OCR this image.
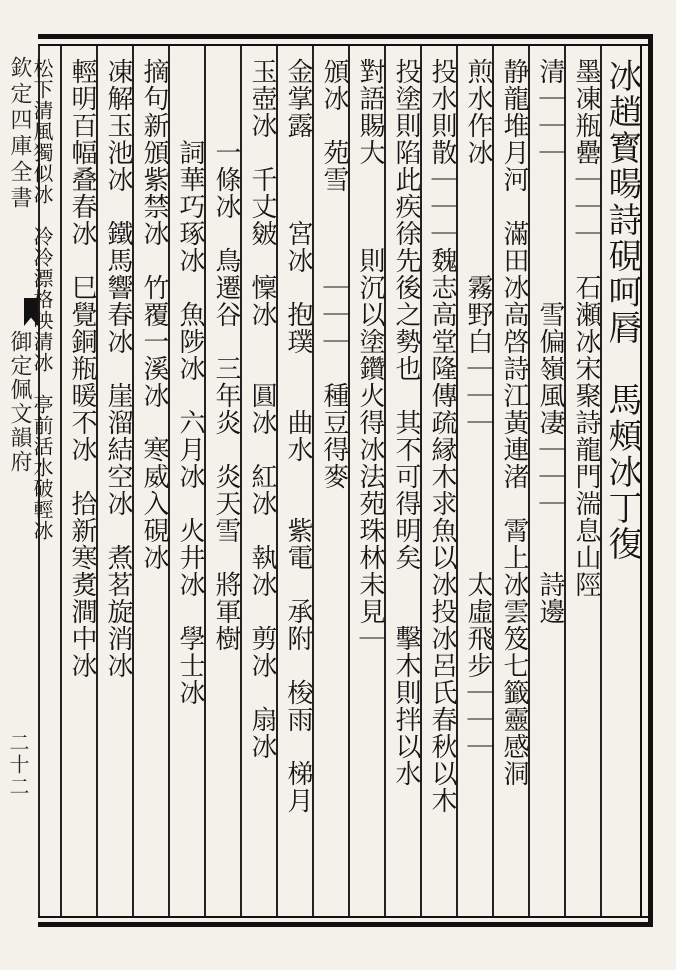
欽定四庫全書
御定佩文韻府
二十二
冰趙寳暘詩硯呵脣　馬頰冰丁復
墨凍瓶罍｜｜｜　石瀬冰宋聚詩龍門湍息山陘
清｜｜｜　　　　　雪偏嶺風凄｜｜｜　　詩邊
静龍堆月河　滿田冰高啓詩江黃連渚　霄上冰雲笈七籤靈感洞
煎水作冰　　　　霧野白｜｜｜　　　　　太虛飛步｜｜｜
投水則散｜｜｜魏志高堂隆傳疏縁木求魚以冰投冰呂氏春秋以木
投塗則陷此疾徐先後之勢也　其不可得明矣　　擊木則拌以水
對語賜大　　　則沉以塗鑽火得冰法苑珠林未見｜
頒冰　苑雪　　　｜｜｜　種豆得麥
金掌露　　　宮冰　抱璞　　曲水　　紫電　承附　梭雨　梯月
玉壺冰　千丈皴　懍冰　　圓冰　紅冰　執冰　剪冰　扇冰
　　　一條冰　鳥遷谷　三年炎　炎天雪　將軍樹
　　　詞華巧琢冰　魚陟冰　六月冰　火井冰　學士冰
摘句新頒紫禁冰　竹覆一溪冰　寒威入硯冰
凍解玉池冰　鐵馬響春冰　崖溜結空冰　煮茗旋消冰
輕明百幅叠春冰　巳覺銅瓶暖不冰　拾新寒煑澗中冰
松下清風獨似冰　冷冷漂格映清冰　亭前活水破輕冰
